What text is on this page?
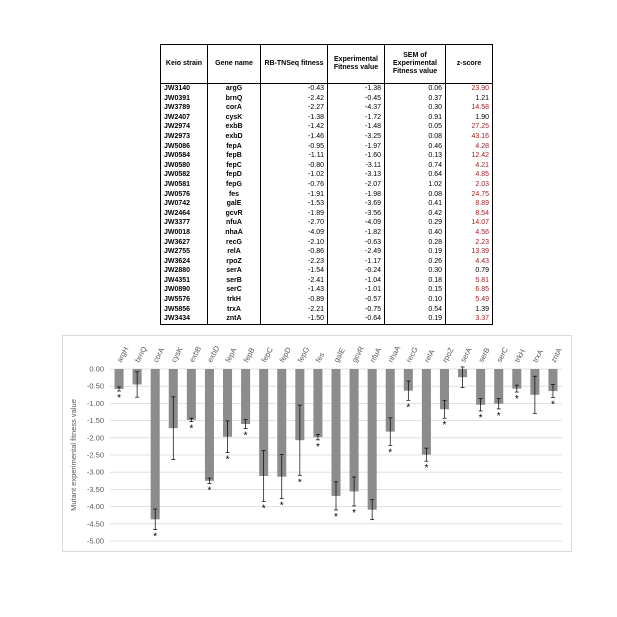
Keio strain	Gene name	RB-TNSeq fitness	Experimental Fitness value	SEM of Experimental Fitness value	z-score
JW3140	argG	-0.43	-1.38	0.06	23.90
JW0391	brnQ	-2.42	-0.45	0.37	1.21
JW3789	corA	-2.27	-4.37	0.30	14.58
JW2407	cysK	-1.38	-1.72	0.91	1.90
JW2974	exbB	-1.42	-1.48	0.05	27.25
JW2973	exbD	-1.46	-3.25	0.08	43.16
JW5086	fepA	-0.95	-1.97	0.46	4.28
JW0584	fepB	-1.11	-1.60	0.13	12.42
JW0580	fepC	-0.80	-3.11	0.74	4.21
JW0582	fepD	-1.02	-3.13	0.64	4.85
JW0581	fepG	-0.76	-2.07	1.02	2.03
JW0576	fes	-1.91	-1.98	0.08	24.75
JW0742	galE	-1.53	-3.69	0.41	8.89
JW2464	gcvR	-1.89	-3.56	0.42	8.54
JW3377	nfuA	-2.70	-4.09	0.29	14.07
JW0018	nhaA	-4.09	-1.82	0.40	4.56
JW3627	recG	-2.10	-0.63	0.28	2.23
JW2755	relA	-0.86	-2.49	0.19	13.39
JW3624	rpoZ	-2.23	-1.17	0.26	4.43
JW2880	serA	-1.54	-0.24	0.30	0.79
JW4351	serB	-2.41	-1.04	0.18	5.81
JW0890	serC	-1.43	-1.01	0.15	6.85
JW5576	trkH	-0.89	-0.57	0.10	5.49
JW5856	trxA	-2.21	-0.75	0.54	1.39
JW3434	zntA	-1.50	-0.64	0.19	3.37
0.00
-0.50
-1.00
-1.50
-2.00
-2.50
-3.00
-3.50
-4.00
-4.50
-5.00
Mutant experimental fitness value
argH
*
brnQ corA
*
cysK exbB
*
exbD
*
fepA
*
fepB
*
fepC
*
fepD
*
fepG
*
fes
*
galE
*
gcvR
*
nfuA nhaA
*
recG
*
relA
*
rpoZ
*
serA serB
*
serC
*
trkH
*
trxA zntA
*
